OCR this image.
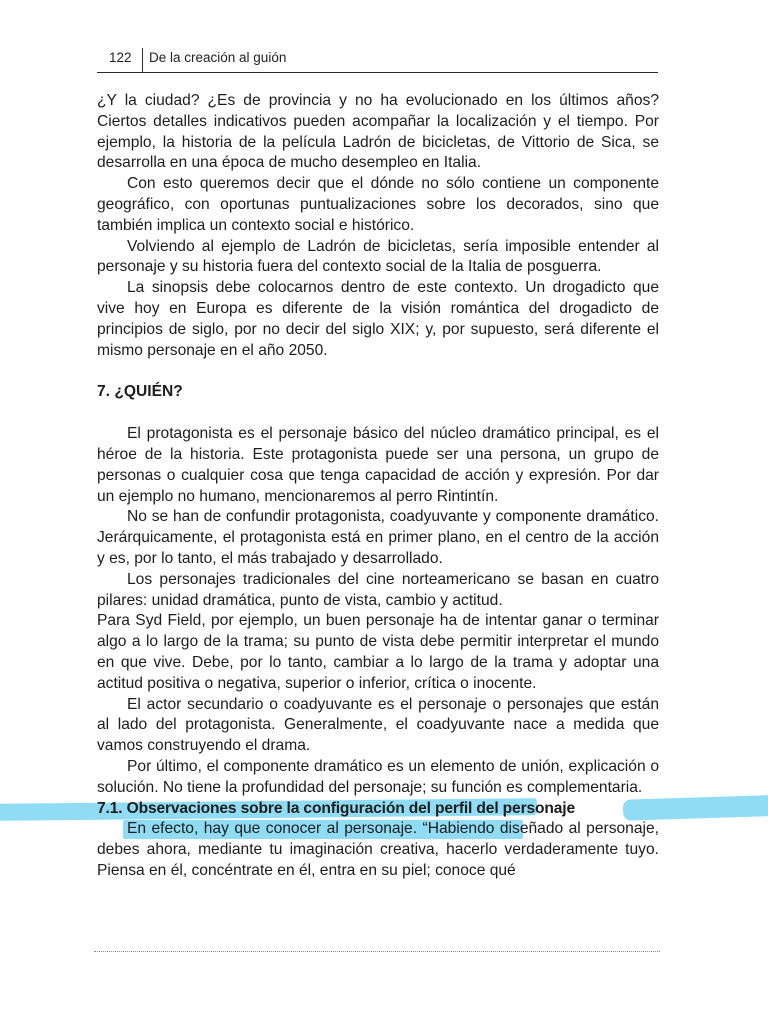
122 De la creación al guión

¿Y la ciudad? ¿Es de provincia y no ha evolucionado en los últimos años? Ciertos detalles indicativos pueden acompañar la localización y el tiempo. Por ejemplo, la historia de la película Ladrón de bicicletas, de Vittorio de Sica, se desarrolla en una época de mucho desempleo en Italia.

Con esto queremos decir que el dónde no sólo contiene un componente geográfico, con oportunas puntualizaciones sobre los decorados, sino que también implica un contexto social e histórico.

Volviendo al ejemplo de Ladrón de bicicletas, sería imposible entender al personaje y su historia fuera del contexto social de la Italia de posguerra.

La sinopsis debe colocarnos dentro de este contexto. Un drogadicto que vive hoy en Europa es diferente de la visión romántica del drogadicto de principios de siglo, por no decir del siglo XIX; y, por supuesto, será diferente el mismo personaje en el año 2050.

7. ¿QUIÉN?

El protagonista es el personaje básico del núcleo dramático principal, es el héroe de la historia. Este protagonista puede ser una persona, un grupo de personas o cualquier cosa que tenga capacidad de acción y expresión. Por dar un ejemplo no humano, mencionaremos al perro Rintintín.

No se han de confundir protagonista, coadyuvante y componente dramático. Jerárquicamente, el protagonista está en primer plano, en el centro de la acción y es, por lo tanto, el más trabajado y desarrollado.

Los personajes tradicionales del cine norteamericano se basan en cuatro pilares: unidad dramática, punto de vista, cambio y actitud.

Para Syd Field, por ejemplo, un buen personaje ha de intentar ganar o terminar algo a lo largo de la trama; su punto de vista debe permitir interpretar el mundo en que vive. Debe, por lo tanto, cambiar a lo largo de la trama y adoptar una actitud positiva o negativa, superior o inferior, crítica o inocente.

El actor secundario o coadyuvante es el personaje o personajes que están al lado del protagonista. Generalmente, el coadyuvante nace a medida que vamos construyendo el drama.

Por último, el componente dramático es un elemento de unión, explicación o solución. No tiene la profundidad del personaje; su función es complementaria.

7.1. Observaciones sobre la configuración del perfil del personaje

En efecto, hay que conocer al personaje. “Habiendo diseñado al personaje, debes ahora, mediante tu imaginación creativa, hacerlo verdaderamente tuyo. Piensa en él, concéntrate en él, entra en su piel; conoce qué
